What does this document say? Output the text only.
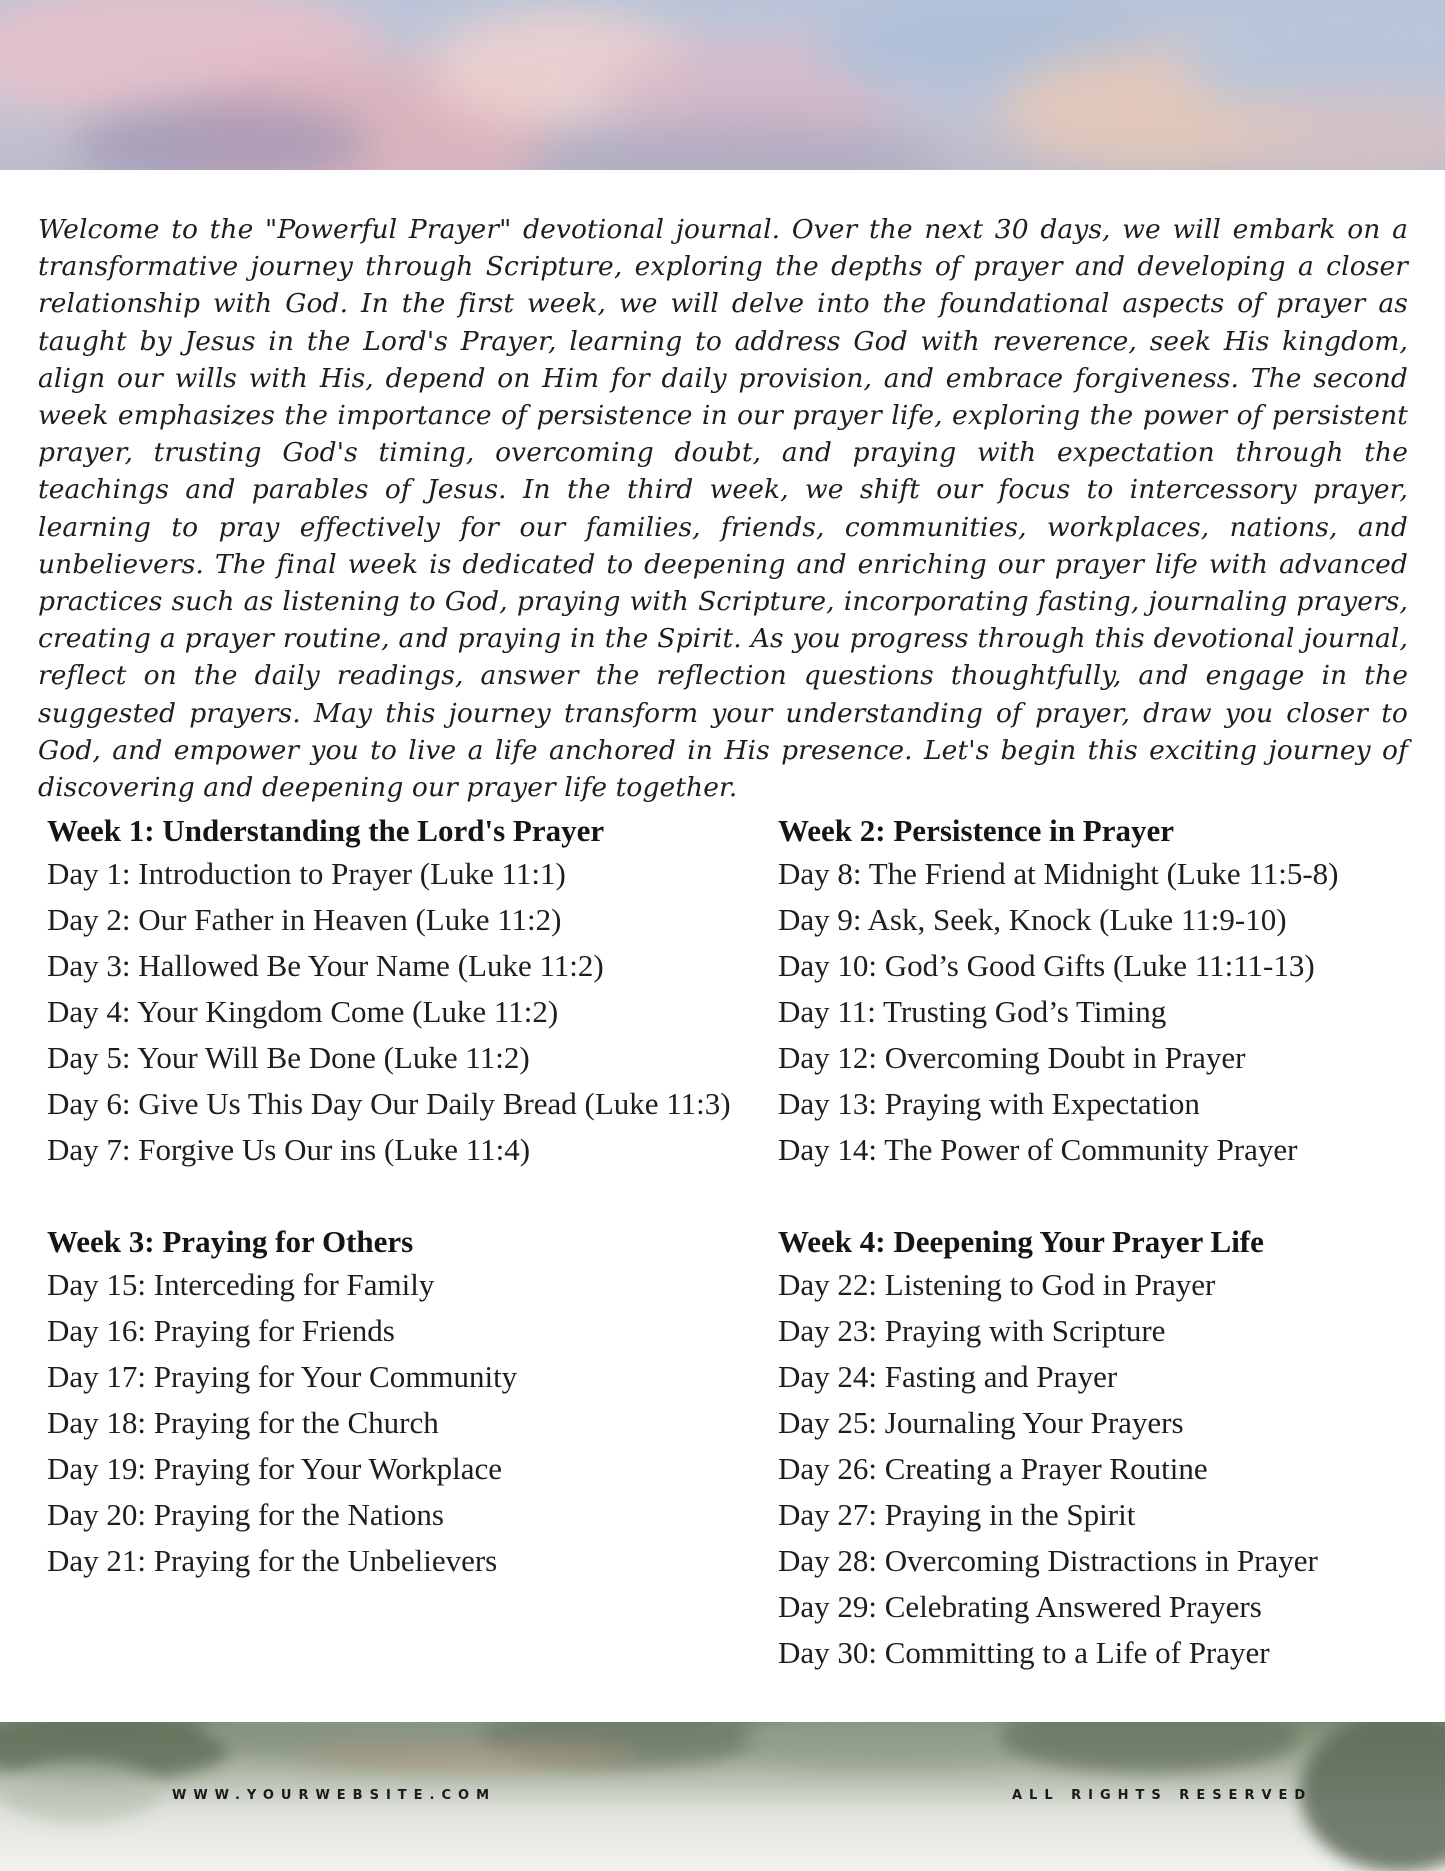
Welcome to the "Powerful Prayer" devotional journal. Over the next 30 days, we will embark on a transformative journey through Scripture, exploring the depths of prayer and developing a closer relationship with God. In the first week, we will delve into the foundational aspects of prayer as taught by Jesus in the Lord's Prayer, learning to address God with reverence, seek His kingdom, align our wills with His, depend on Him for daily provision, and embrace forgiveness. The second week emphasizes the importance of persistence in our prayer life, exploring the power of persistent prayer, trusting God's timing, overcoming doubt, and praying with expectation through the teachings and parables of Jesus. In the third week, we shift our focus to intercessory prayer, learning to pray effectively for our families, friends, communities, workplaces, nations, and unbelievers. The final week is dedicated to deepening and enriching our prayer life with advanced practices such as listening to God, praying with Scripture, incorporating fasting, journaling prayers, creating a prayer routine, and praying in the Spirit. As you progress through this devotional journal, reflect on the daily readings, answer the reflection questions thoughtfully, and engage in the suggested prayers. May this journey transform your understanding of prayer, draw you closer to God, and empower you to live a life anchored in His presence. Let's begin this exciting journey of discovering and deepening our prayer life together.

Week 1: Understanding the Lord's Prayer
Day 1: Introduction to Prayer (Luke 11:1)
Day 2: Our Father in Heaven (Luke 11:2)
Day 3: Hallowed Be Your Name (Luke 11:2)
Day 4: Your Kingdom Come (Luke 11:2)
Day 5: Your Will Be Done (Luke 11:2)
Day 6: Give Us This Day Our Daily Bread (Luke 11:3)
Day 7: Forgive Us Our ins (Luke 11:4)
Week 2: Persistence in Prayer
Day 8: The Friend at Midnight (Luke 11:5-8)
Day 9: Ask, Seek, Knock (Luke 11:9-10)
Day 10: God’s Good Gifts (Luke 11:11-13)
Day 11: Trusting God’s Timing
Day 12: Overcoming Doubt in Prayer
Day 13: Praying with Expectation
Day 14: The Power of Community Prayer
Week 3: Praying for Others
Day 15: Interceding for Family
Day 16: Praying for Friends
Day 17: Praying for Your Community
Day 18: Praying for the Church
Day 19: Praying for Your Workplace
Day 20: Praying for the Nations
Day 21: Praying for the Unbelievers
Week 4: Deepening Your Prayer Life
Day 22: Listening to God in Prayer
Day 23: Praying with Scripture
Day 24: Fasting and Prayer
Day 25: Journaling Your Prayers
Day 26: Creating a Prayer Routine
Day 27: Praying in the Spirit
Day 28: Overcoming Distractions in Prayer
Day 29: Celebrating Answered Prayers
Day 30: Committing to a Life of Prayer
WWW.YOURWEBSITE.COM	ALL RIGHTS RESERVED
